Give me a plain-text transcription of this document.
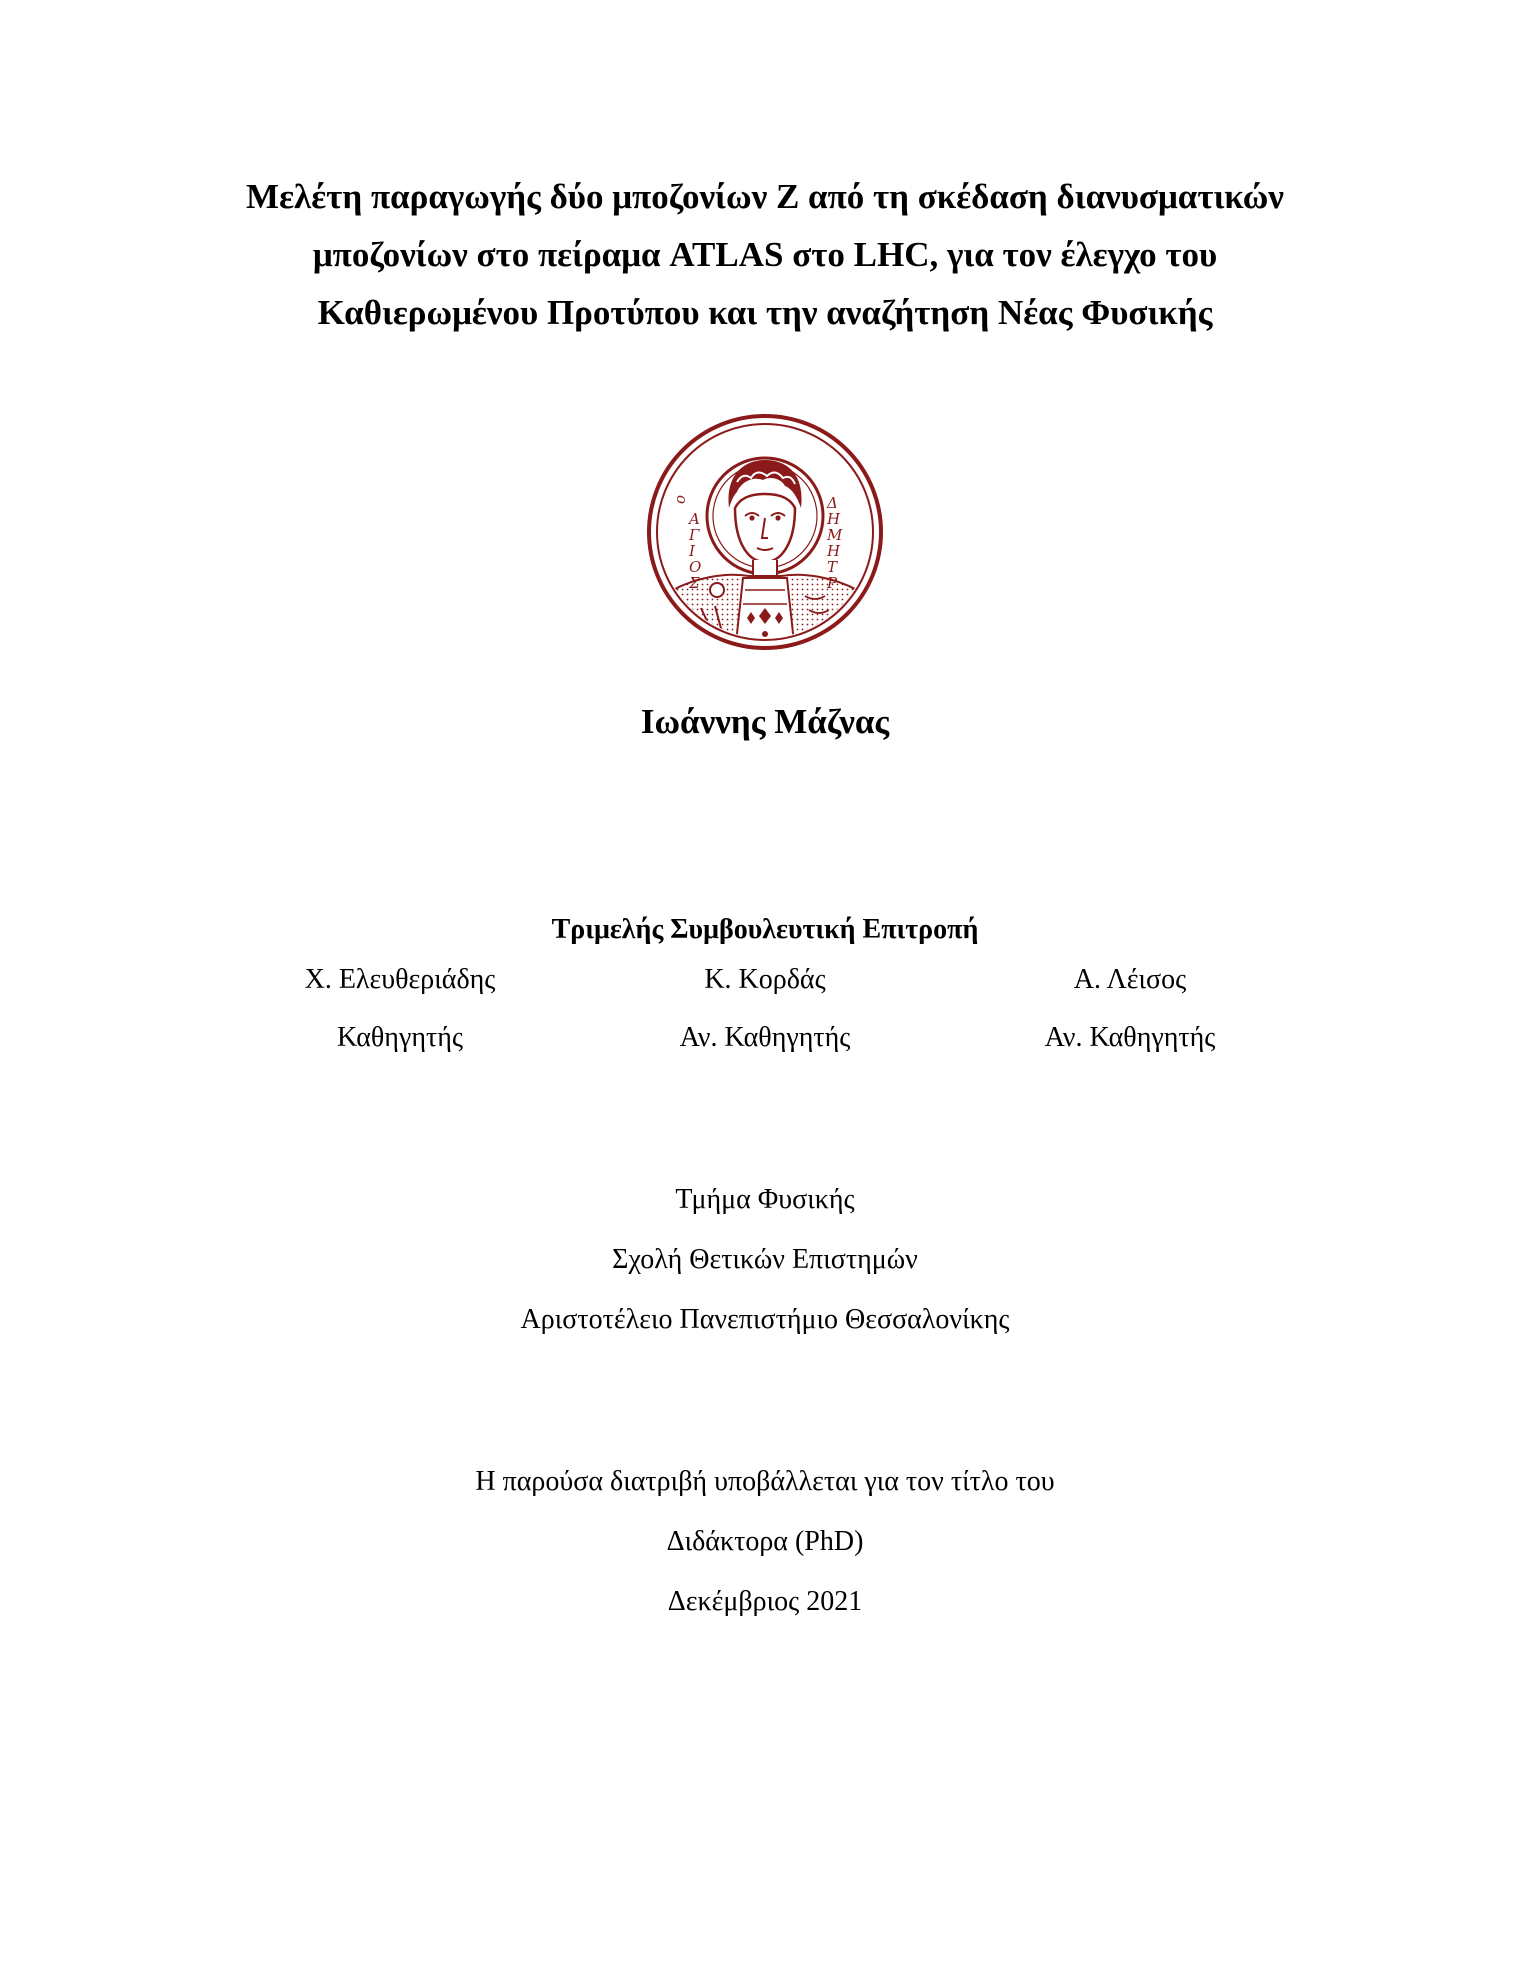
Μελέτη παραγωγής δύο μποζονίων Z από τη σκέδαση διανυσματικών
μποζονίων στο πείραμα ATLAS στο LHC, για τον έλεγχο του
Καθιερωμένου Προτύπου και την αναζήτηση Νέας Φυσικής
ο
Α
Γ
Ι
Ο
Σ
Δ
Η
Μ
Η
Τ
Ρ
Ιωάννης Μάζνας
Τριμελής Συμβουλευτική Επιτροπή
Χ. Ελευθεριάδης
Καθηγητής
Κ. Κορδάς
Αν. Καθηγητής
Α. Λέισος
Αν. Καθηγητής
Τμήμα Φυσικής
Σχολή Θετικών Επιστημών
Αριστοτέλειο Πανεπιστήμιο Θεσσαλονίκης
Η παρούσα διατριβή υποβάλλεται για τον τίτλο του
Διδάκτορα (PhD)
Δεκέμβριος 2021
